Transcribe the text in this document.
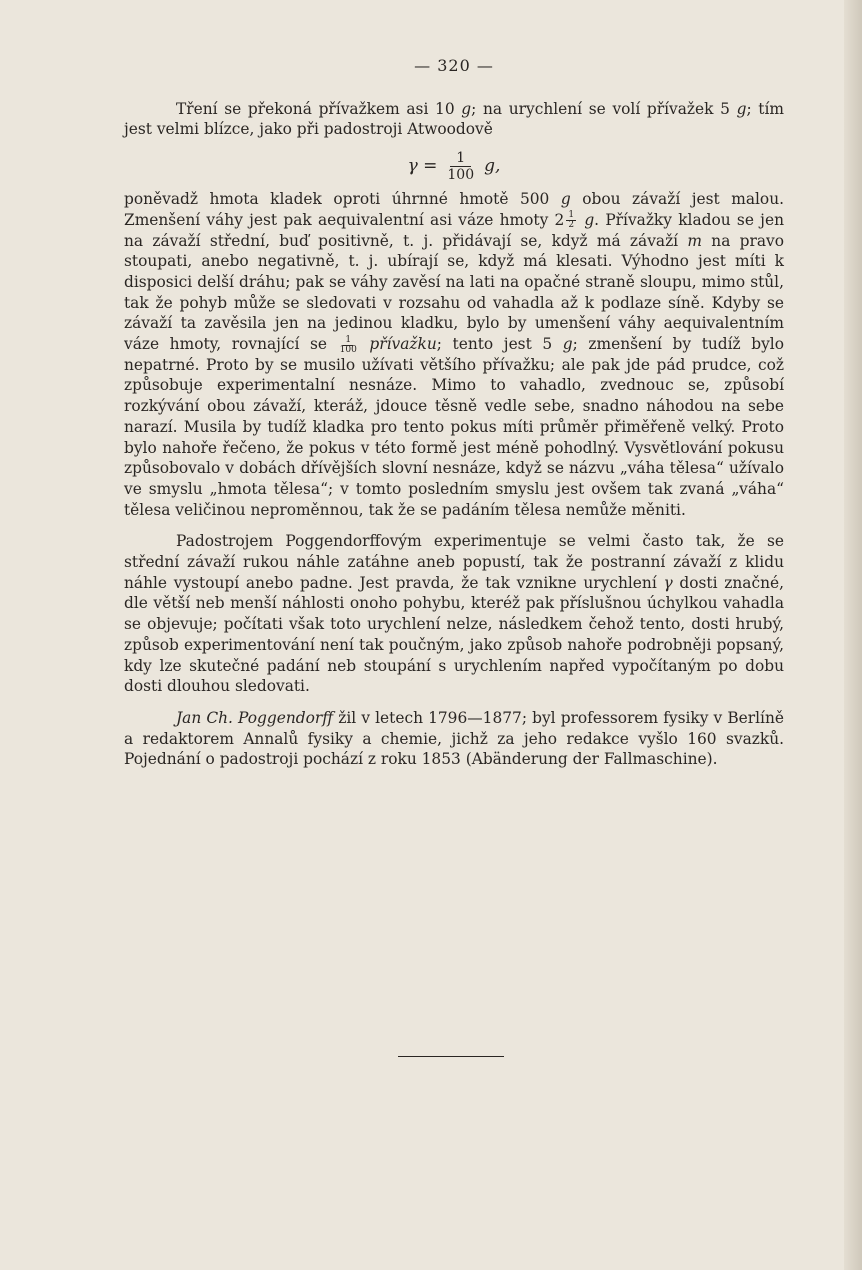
— 320 —

Tření se překoná přívažkem asi 10 g; na urychlení se volí přívažek 5 g; tím jest velmi blízce, jako při padostroji Atwoodově

$\gamma = \frac{1}{100} g$,

poněvadž hmota kladek oproti úhrnné hmotě 500 g obou závaží jest malou. Zmenšení váhy jest pak aequivalentní asi váze hmoty $2 \frac{1}{2} g$. Přívažky kladou se jen na závaží střední, buď positivně, t. j. přidávají se, když má závaží m na pravo stoupati, anebo negativně, t. j. ubírají se, když má klesati. Výhodno jest míti k disposici delší dráhu; pak se váhy zavěsí na lati na opačné straně sloupu, mimo stůl, tak že pohyb může se sledovati v rozsahu od vahadla až k podlaze síně. Kdyby se závaží ta zavěsila jen na jedinou kladku, bylo by umenšení váhy aequivalentním váze hmoty, rovnající se $\frac{1}{100}$ přívažku; tento jest 5 g; zmenšení by tudíž bylo nepatrné. Proto by se musilo užívati většího přívažku; ale pak jde pád prudce, což způsobuje experimentalní nesnáze. Mimo to vahadlo, zvednouc se, způsobí rozkývání obou závaží, kteráž, jdouce těsně vedle sebe, snadno náhodou na sebe narazí. Musila by tudíž kladka pro tento pokus míti průměr přiměřeně velký. Proto bylo nahoře řečeno, že pokus v této formě jest méně pohodlný. Vysvětlování pokusu způsobovalo v dobách dřívějších slovní nesnáze, když se názvu „váha tělesa“ užívalo ve smyslu „hmota tělesa“; v tomto posledním smyslu jest ovšem tak zvaná „váha“ tělesa veličinou neproměnnou, tak že se padáním tělesa nemůže měniti.

Padostrojem Poggendorffovým experimentuje se velmi často tak, že se střední závaží rukou náhle zatáhne aneb popustí, tak že postranní závaží z klidu náhle vystoupí anebo padne. Jest pravda, že tak vznikne urychlení γ dosti značné, dle větší neb menší náhlosti onoho pohybu, kteréž pak příslušnou úchylkou vahadla se objevuje; počítati však toto urychlení nelze, následkem čehož tento, dosti hrubý, způsob experimentování není tak poučným, jako způsob nahoře podrobněji popsaný, kdy lze skutečné padání neb stoupání s urychlením napřed vypočítaným po dobu dosti dlouhou sledovati.

Jan Ch. Poggendorff žil v letech 1796—1877; byl professorem fysiky v Berlíně a redaktorem Annalů fysiky a chemie, jichž za jeho redakce vyšlo 160 svazků. Pojednání o padostroji pochází z roku 1853 (Abänderung der Fallmaschine).
